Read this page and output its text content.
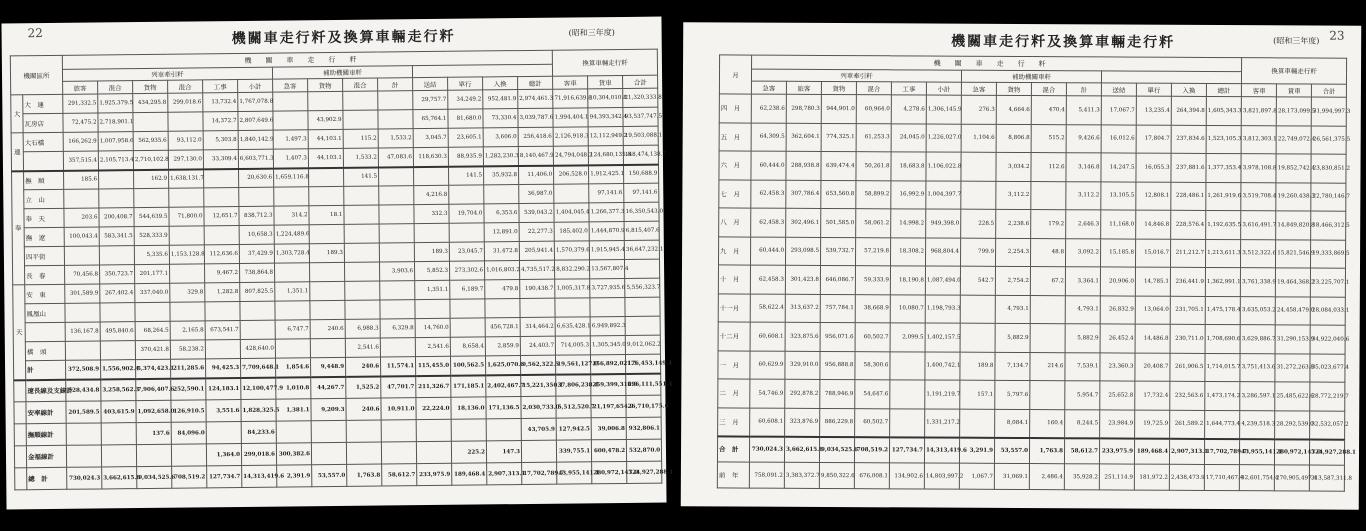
22	機關車走行粁及換算車輛走行粁	(昭和三年度)
機關區所		機關車走行粁														換算車輛走行粁		
		列車牽引粁						補助機關車粁										
		旅客	混合	貨物	混合	工事	小計	急客	貨物	混合	計	送結	單行	入換	總計	客車	貨車	合計
大	大　連	291,332.5	1,925,379.5	434,295.8	299,018.6	13,732.4	1,767,078.8					29,757.7	34,249.2	952,481.9	2,974,461.3	71,916,639.8	10,304,010.8	21,320,333.8
	瓦房店	72,475.2	2,718,901.1			14,372.7	2,807,649.6		43,902.9			65,764.1	81,680.0	73,330.4	3,039,787.6	1,994,404.1	94,393,342.4	93,537,747.5
連	大石橋	166,262.9	1,007,958.6	562,935.6	93,112.0	5,303.8	1,840,142.9	1,497.3	44,103.1	115.2	1,533.2	3,045.7	23,605.1	3,606.0	256,418.6	2,126,918.3	12,112,949.2	19,503,088.1
		357,515.4	2,105,713.4	2,710,102.8	297,130.0	33,309.4	6,603,771.3	1,407.3	44,103.1	1,533.2	47,083.6	118,630.3	88,935.9	1,282,230.3	8,140,467.9	24,794,048.2	124,680,135.8	148,474,138.7
奉	撫　順	185.6		162.9	1,638,131.7		20,630.6	1,659,116.8		141.5			141.5	35,932.8	11,406.0	206,528.0	1,912,425.1	150,688.9
	立　山											4,216.8			36,987.0		97,141.6	97,141.6
	奉　天	203.6	200,408.7	544,639.5	71,800.0	12,651.7	838,712.3	314.2	18.1			332.3	19,704.0	6,353.6	539,043.2	1,404,045.4	1,266,377.3	16,350,543.0
	撫　遼	100,043.4	583,341.5	528,333.9			10,658.3	1,224,489.6						12,891.0	22,277.3	185,402.0	1,444,870.9	6,815,407.6
	四平街			5,335.6	1,153,128.8	112,636.6	37,429.9	1,303,728.4	189.3			189.3	23,045.7	31,472.8	205,941.4	1,570,379.6	1,915,945.4	36,647,232.1
	長　春	70,456.8	350,723.7	201,177.1		9,467.2	738,864.8				3,903.6	5,852.3	273,302.6	1,016,803.2	4,735,517.2	8,832,290.2	13,567,807.4	
天	安　東	301,589.9	267,402.4	337,040.0	329.8	1,282.8	807,825.5	1,351.1				1,351.1	6,189.7	479.8	190,438.7	1,005,317.8	3,727,935.6	5,556,323.7
	鳳凰山																	
		136,167.8	495,840.6	68,264.5	2,165.8	673,541.7		6,747.7	240.6	6,988.3	6,329.8	14,760.0		456,728.1	314,464.2	6,635,428.1	6,949,892.3	
	橋　頭			370,421.8	58,238.2		428,640.0			2,541.6		2,541.6	8,658.4	2,859.9	24,403.7	714,005.3	1,305,345.0	9,012,062.2
	計	372,508.9	1,556,902.4	5,374,423.1	211,285.6	94,425.3	7,709,648.1	1,854.6	9,448.9	240.6	11,574.1	115,455.0	100,562.5	1,625,070.6	9,562,322.5	19,561,127.0	156,892,021.5	176,453,149.4
	遼長線及支線計	528,434.8	3,258,562.3	7,906,407.6	252,590.1	124,183.1	12,100,477.9	1,010.8	44,267.7	1,525.2	47,701.7	211,326.7	171,185.1	2,402,467.7	15,221,350.1	37,806,238.4	259,399,316.0	296,111,551.4
	安率線計	201,589.5	403,615.9	1,092,658.0	126,910.5	3,551.6	1,828,325.5	1,381.1	9,209.3	240.6	10,911.0	22,224.0	18,136.0	171,136.5	2,030,733.0	5,512,520.7	21,197,654.9	26,710,175.6
	撫順線計			137.6	84,096.0		84,233.6								43,705.9	127,942.5	39,006.8	932,806.1
	金福線計					1,364.0	299,018.6	300,382.6					225.2	147.3		339,755.1	600,478.2	532,870.0
	總　計	730,024.3	3,662,615.8	9,034,525.6	708,519.2	127,734.7	14,313,419.6	2,391.9	53,557.0	1,763.8	58,612.7	233,975.9	189,468.4	2,907,313.1	17,702,789.7	43,955,141.1	280,972,147.0	324,927,288.1
23
機關車走行粁及換算車輛走行粁	(昭和三年度)
月	機關車走行粁														換算車輛走行粁		
	列車牽引粁						補助機關車粁										
	急客	旅客	貨物	混合	工事	小計	急客	貨物	混合	計	送結	單行	入換	總計	客車	貨車	合計
四　月	62,238.6	298,780.3	944,901.0	60,964.0	4,278.6	1,306,145.9	276.3	4,664.6	470.4	5,411.3	17,067.7	13,235.4	264,394.8	1,605,343.3	3,821,897.8	28,173,099.5	31,994,997.3
五　月	64,309.5	362,604.1	774,325.1	61,253.3	24,045.0	1,226,027.0	1,104.6	8,806.8	515.2	9,426.6	16,012.6	17,804.7	237,834.6	1,523,105.3	3,812,303.1	22,749,072.4	26,561,375.5
六　月	60,444.0	288,938.8	639,474.4	50,261.8	18,683.8	1,106,022.8		3,034.2	112.6	3,146.8	14,247.5	16,055.3	237,881.6	1,377,353.4	3,978,108.8	19,852,742.4	23,830,851.2
七　月	62,458.3	307,786.4	653,560.8	58,899.2	16,992.9	1,004,397.7		3,112.2		3,112.2	13,105.5	12,808.1	228,486.1	1,261,919.6	3,519,708.4	19,260,438.3	22,780,146.7
八　月	62,458.3	302,496.1	501,585.0	58,061.2	14,998.2	949,398.0	228.5	2,238.6	179.2	2,646.3	11,168.0	14,846.8	228,576.4	1,192,635.5	3,616,491.7	14,849,820.8	18,466,312.5
九　月	60,444.0	293,098.5	539,732.7	57,219.8	18,308.2	968,804.4	799.9	2,254.3	48.8	3,092.2	15,185.8	15,016.7	211,212.7	1,213,611.3	3,512,322.6	15,821,546.9	19,333,869.5
十　月	62,458.3	301,423.8	646,086.7	59,333.9	18,190.8	1,087,494.0	542.7	2,754.2	67.2	3,364.1	20,906.0	14,785.1	236,441.9	1,362,991.1	3,761,338.9	19,464,368.2	23,225,707.1
十一月	58,622.4	313,637.2	757,784.1	38,668.9	10,080.7	1,198,793.3		4,793.1		4,793.1	26,832.9	13,064.0	231,705.1	1,475,178.4	3,635,053.2	24,458,479.0	28,084,033.1
十二月	60,608.1	323,875.6	956,071.6	60,502.7	2,099.5	1,402,157.5		5,882.9		5,882.9	26,452.4	14,486.8	230,711.0	1,708,690.6	3,629,886.7	31,290,153.9	34,922,040.6
一　月	60,629.9	329,910.0	956,888.8	58,300.6		1,400,742.1	189.8	7,134.7	214.6	7,539.1	23,360.3	20,408.7	261,906.5	1,714,015.7	3,751,413.6	31,272,263.8	35,023,677.4
二　月	54,746.9	292,878.2	788,946.9	54,647.6		1,191,219.7	157.1	5,797.6		5,954.7	25,652.8	17,732.4	232,563.6	1,473,174.2	3,286,597.1	25,485,622.6	28,772,219.7
三　月	60,608.1	323,876.9	886,229.8	60,502.7		1,331,217.2		8,084.1	160.4	8,244.5	23,984.9	19,725.9	261,589.2	1,644,773.4	4,239,518.3	28,292,539.0	32,532,057.2
合　計	730,024.3	3,662,615.8	9,034,525.6	708,519.2	127,734.7	14,313,419.6	3,291.9	53,557.0	1,763.8	58,612.7	233,975.9	189,468.4	2,907,313.1	17,702,789.7	43,955,141.1	280,972,147.0	324,927,288.1
前　年	758,091.2	3,383,372.7	9,850,322.6	676,008.1	134,902.6	14,803,997.2	1,067.7	31,069.1	2,486.4	35,928.2	251,114.9	181,972.2	2,438,473.9	17,710,467.4	42,601,754.4	270,905,497.4	313,587,311.8
